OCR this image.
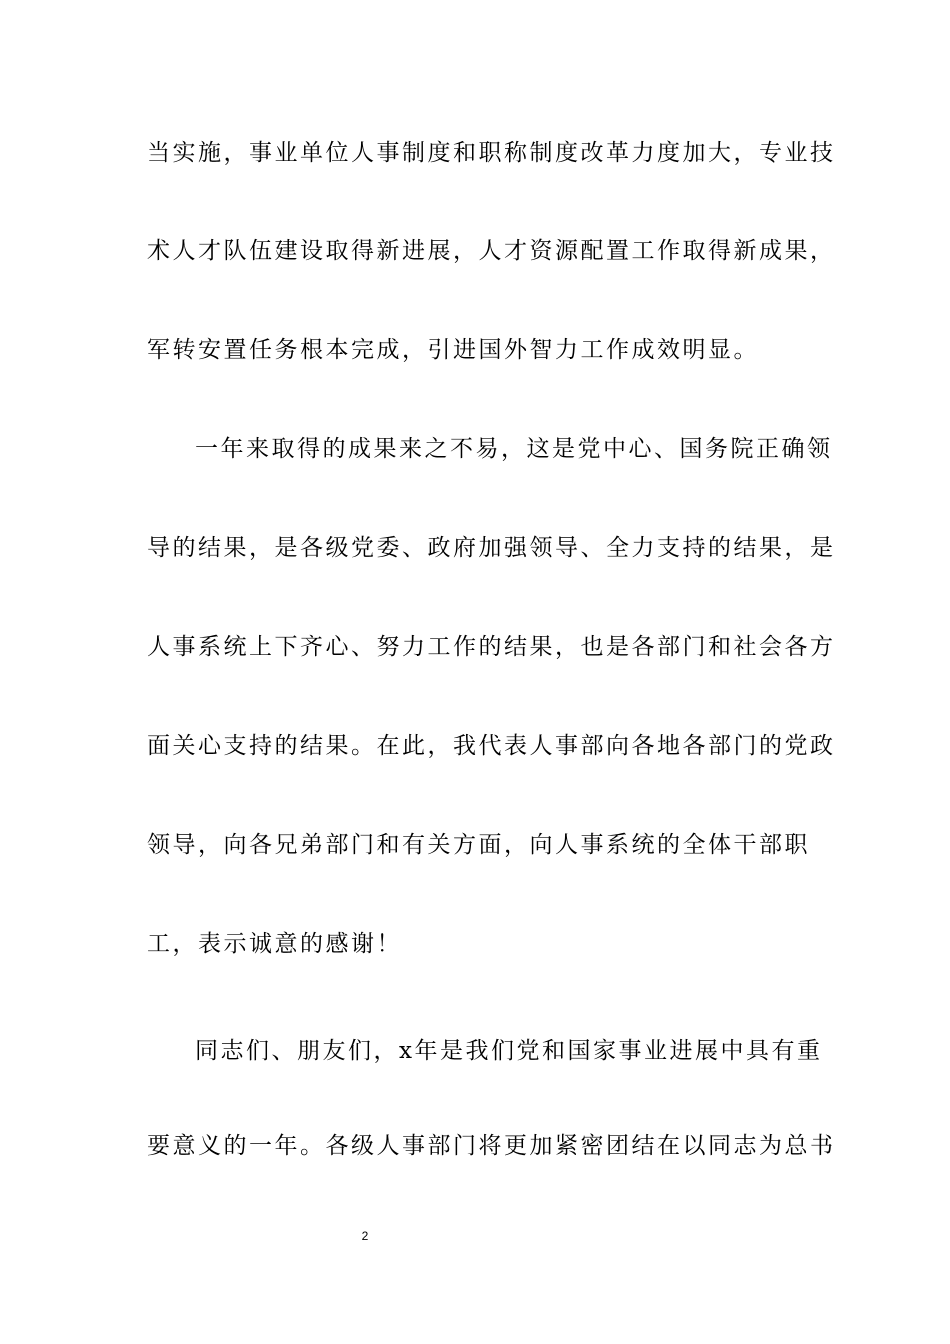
当实施，事业单位人事制度和职称制度改革力度加大，专业技
术人才队伍建设取得新进展，人才资源配置工作取得新成果，
军转安置任务根本完成，引进国外智力工作成效明显。
一年来取得的成果来之不易，这是党中心、国务院正确领
导的结果，是各级党委、政府加强领导、全力支持的结果，是
人事系统上下齐心、努力工作的结果，也是各部门和社会各方
面关心支持的结果。在此，我代表人事部向各地各部门的党政
领导，向各兄弟部门和有关方面，向人事系统的全体干部职
工，表示诚意的感谢！
同志们、朋友们，x年是我们党和国家事业进展中具有重
要意义的一年。各级人事部门将更加紧密团结在以同志为总书
2
